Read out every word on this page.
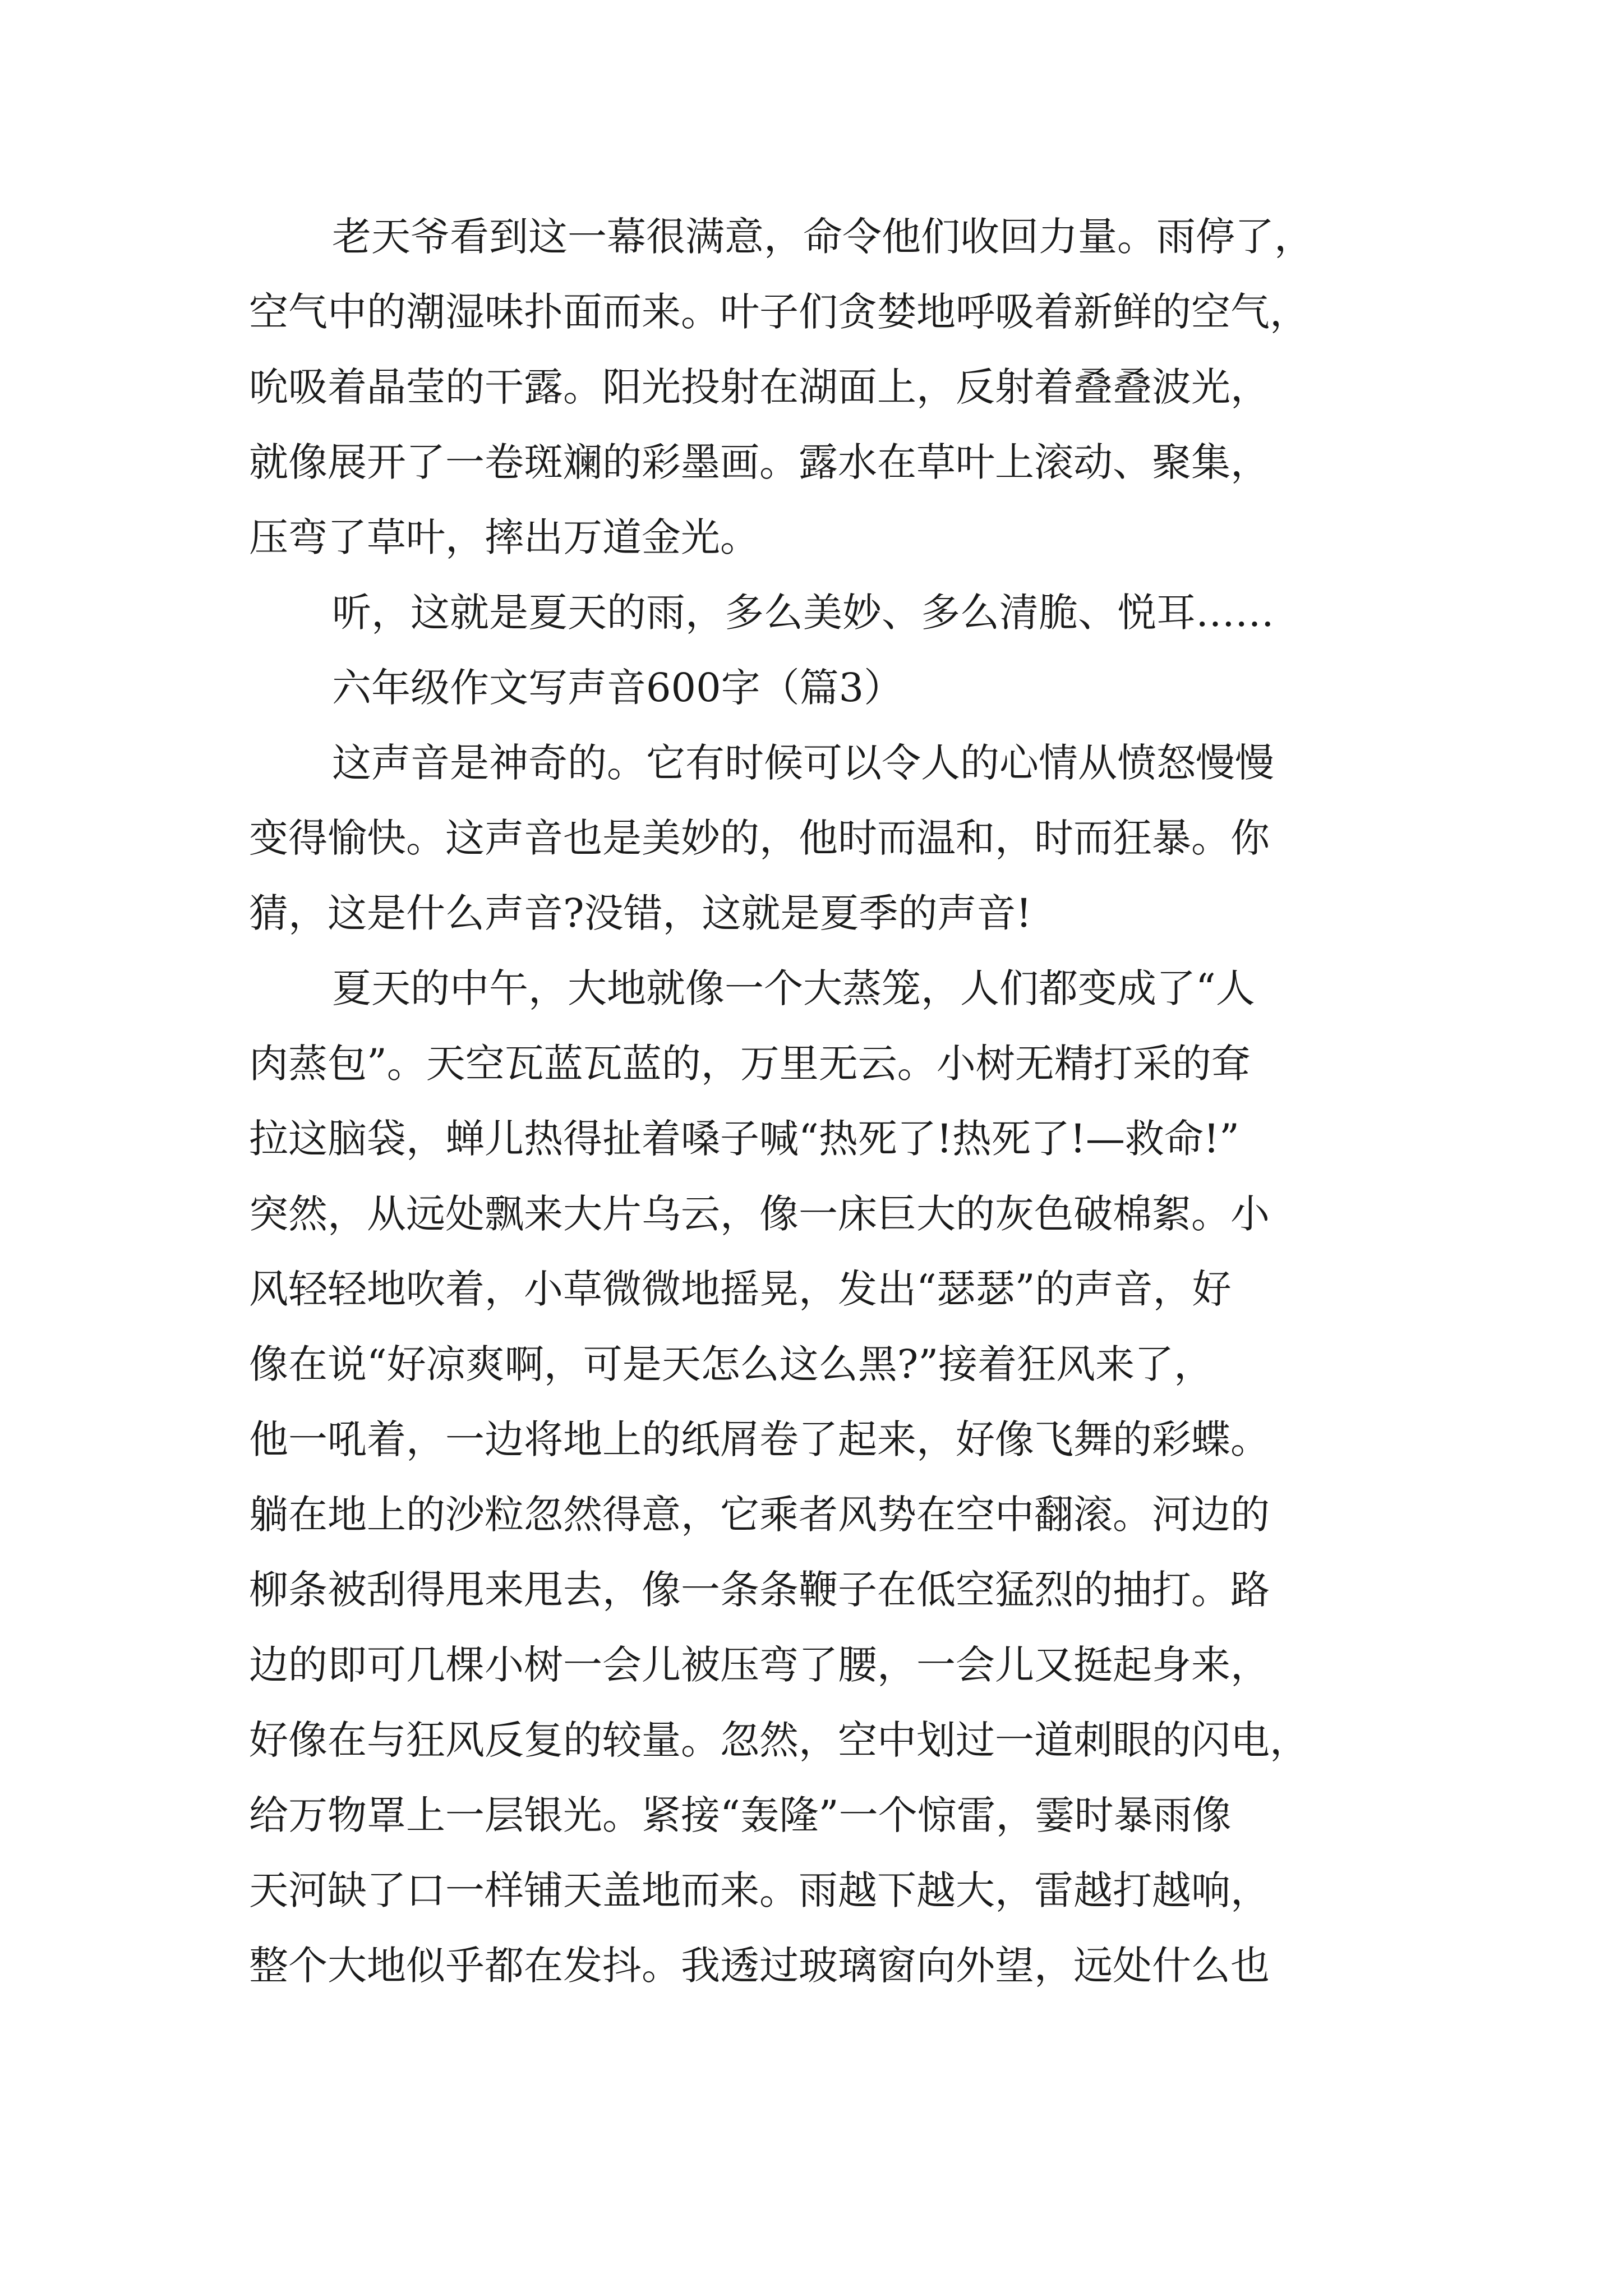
老天爷看到这一幕很满意，命令他们收回力量。雨停了，
空气中的潮湿味扑面而来。叶子们贪婪地呼吸着新鲜的空气，
吮吸着晶莹的干露。阳光投射在湖面上，反射着叠叠波光，
就像展开了一卷斑斓的彩墨画。露水在草叶上滚动、聚集，
压弯了草叶，摔出万道金光。
听，这就是夏天的雨，多么美妙、多么清脆、悦耳……
六年级作文写声音600字（篇3）
这声音是神奇的。它有时候可以令人的心情从愤怒慢慢
变得愉快。这声音也是美妙的，他时而温和，时而狂暴。你
猜，这是什么声音?没错，这就是夏季的声音!
夏天的中午，大地就像一个大蒸笼，人们都变成了“人
肉蒸包”。天空瓦蓝瓦蓝的，万里无云。小树无精打采的耷
拉这脑袋，蝉儿热得扯着嗓子喊“热死了!热死了!—救命!”
突然，从远处飘来大片乌云，像一床巨大的灰色破棉絮。小
风轻轻地吹着，小草微微地摇晃，发出“瑟瑟”的声音，好
像在说“好凉爽啊，可是天怎么这么黑?”接着狂风来了，
他一吼着，一边将地上的纸屑卷了起来，好像飞舞的彩蝶。
躺在地上的沙粒忽然得意，它乘者风势在空中翻滚。河边的
柳条被刮得甩来甩去，像一条条鞭子在低空猛烈的抽打。路
边的即可几棵小树一会儿被压弯了腰，一会儿又挺起身来，
好像在与狂风反复的较量。忽然，空中划过一道刺眼的闪电，
给万物罩上一层银光。紧接“轰隆”一个惊雷，霎时暴雨像
天河缺了口一样铺天盖地而来。雨越下越大，雷越打越响，
整个大地似乎都在发抖。我透过玻璃窗向外望，远处什么也
